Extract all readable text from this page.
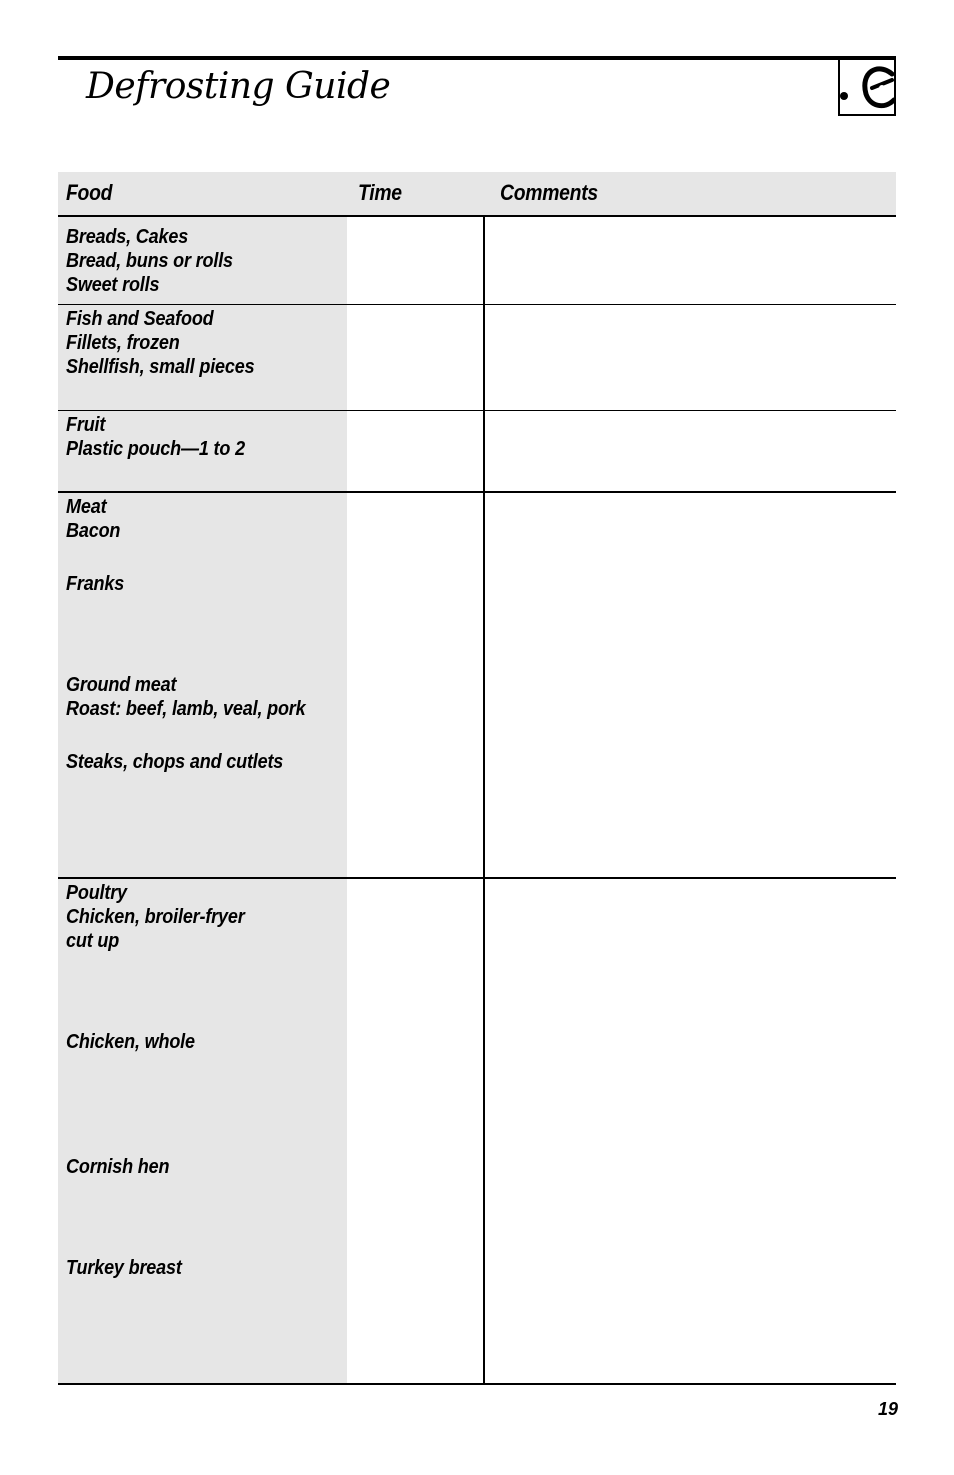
Defrosting Guide
Food	Time	Comments
Breads, Cakes
Bread, buns or rolls
Sweet rolls
Fish and Seafood
Fillets, frozen
Shellfish, small pieces
Fruit
Plastic pouch—1 to 2
Meat
Bacon
Franks
Ground meat
Roast: beef, lamb, veal, pork
Steaks, chops and cutlets
Poultry
Chicken, broiler-fryer
cut up
Chicken, whole
Cornish hen
Turkey breast
19
